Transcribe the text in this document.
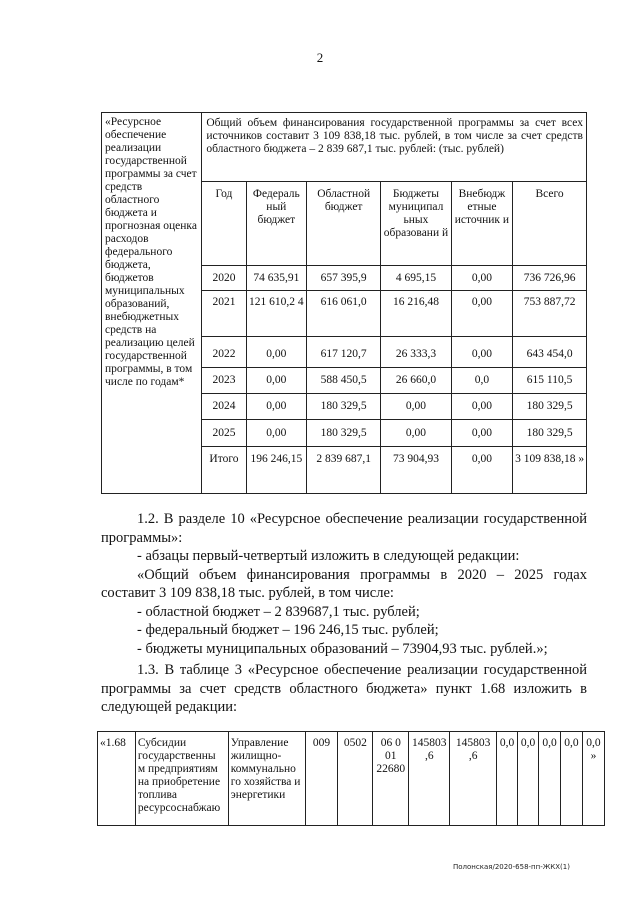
2
«Ресурсное обеспечение реализации государственной программы за счет средств областного бюджета и прогнозная оценка расходов федерального бюджета, бюджетов муниципальных образований, внебюджетных средств на реализацию целей государственной программы, в том числе по годам*	Общий объем финансирования государственной программы за счет всех источников составит 3 109 838,18 тыс. рублей, в том числе за счет средств областного бюджета – 2 839 687,1 тыс. рублей: (тыс. рублей)					
	Год	Федераль ный бюджет	Областной бюджет	Бюджеты муниципал ьных образовани й	Внебюдж етные источник и	Всего
	2020	74 635,91	657 395,9	4 695,15	0,00	736 726,96
	2021	121 610,2 4	616 061,0	16 216,48	0,00	753 887,72
	2022	0,00	617 120,7	26 333,3	0,00	643 454,0
	2023	0,00	588 450,5	26 660,0	0,0	615 110,5
	2024	0,00	180 329,5	0,00	0,00	180 329,5
	2025	0,00	180 329,5	0,00	0,00	180 329,5
	Итого	196 246,15	2 839 687,1	73 904,93	0,00	3 109 838,18 »

1.2. В разделе 10 «Ресурсное обеспечение реализации государственной программы»:

- абзацы первый-четвертый изложить в следующей редакции:

«Общий объем финансирования программы в 2020 – 2025 годах составит 3 109 838,18 тыс. рублей, в том числе:

- областной бюджет – 2 839687,1 тыс. рублей;

- федеральный бюджет – 196 246,15 тыс. рублей;

- бюджеты муниципальных образований – 73904,93 тыс. рублей.»;

1.3. В таблице 3 «Ресурсное обеспечение реализации государственной программы за счет средств областного бюджета» пункт 1.68 изложить в следующей редакции:

«1.68	Субсидии государственны м предприятиям на приобретение топлива ресурсоснабжаю	Управление жилищно-коммунально го хозяйства и энергетики	009	0502	06 0 01 22680	145803 ,6	145803 ,6	0,0	0,0	0,0	0,0	0,0 »
Полонская/2020-658-пп-ЖКХ(1)
